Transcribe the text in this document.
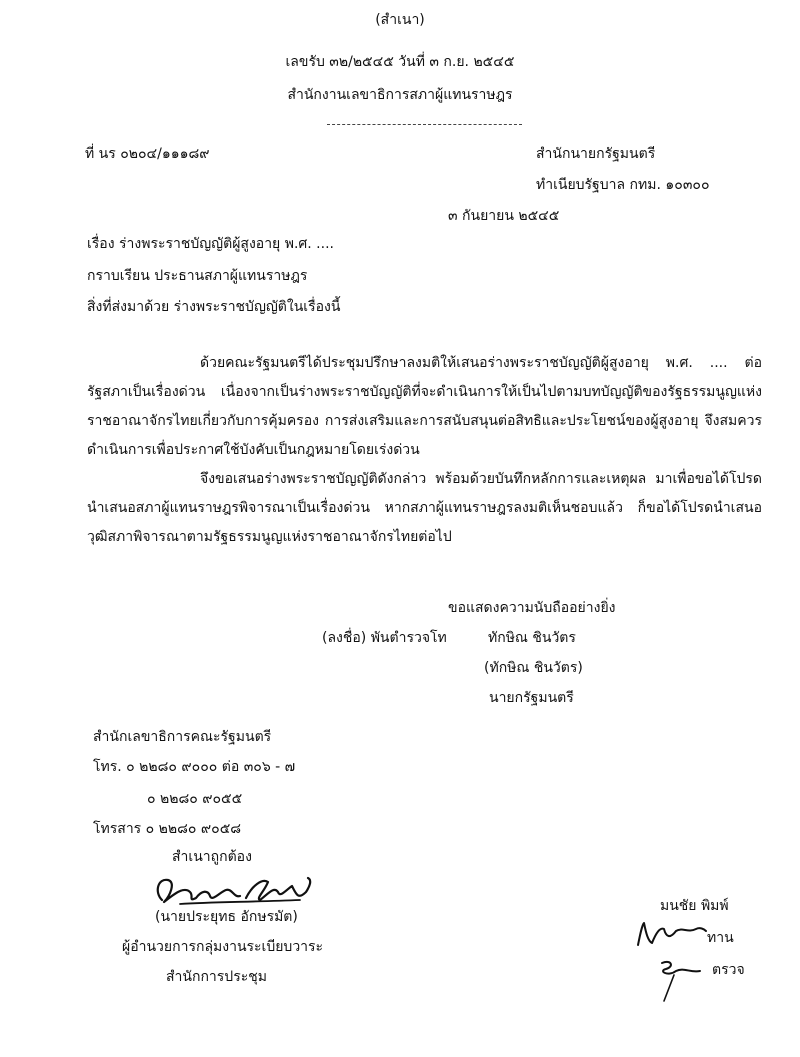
(สำเนา)
เลขรับ ๓๒/๒๕๔๕ วันที่ ๓ ก.ย. ๒๕๔๕
สำนักงานเลขาธิการสภาผู้แทนราษฎร
ที่ นร ๐๒๐๔/๑๑๑๘๙	สำนักนายกรัฐมนตรี
ทำเนียบรัฐบาล กทม. ๑๐๓๐๐
๓ กันยายน ๒๕๔๕
เรื่อง ร่างพระราชบัญญัติผู้สูงอายุ พ.ศ. ....
กราบเรียน ประธานสภาผู้แทนราษฎร
สิ่งที่ส่งมาด้วย ร่างพระราชบัญญัติในเรื่องนี้

ด้วยคณะรัฐมนตรีได้ประชุมปรึกษาลงมติให้เสนอร่างพระราชบัญญัติผู้สูงอายุ พ.ศ. .... ต่อรัฐสภาเป็นเรื่องด่วน เนื่องจากเป็นร่างพระราชบัญญัติที่จะดำเนินการให้เป็นไปตามบทบัญญัติของรัฐธรรมนูญแห่งราชอาณาจักรไทยเกี่ยวกับการคุ้มครอง การส่งเสริมและการสนับสนุนต่อสิทธิและประโยชน์ของผู้สูงอายุ จึงสมควรดำเนินการเพื่อประกาศใช้บังคับเป็นกฎหมายโดยเร่งด่วน

จึงขอเสนอร่างพระราชบัญญัติดังกล่าว พร้อมด้วยบันทึกหลักการและเหตุผล มาเพื่อขอได้โปรดนำเสนอสภาผู้แทนราษฎรพิจารณาเป็นเรื่องด่วน หากสภาผู้แทนราษฎรลงมติเห็นชอบแล้ว ก็ขอได้โปรดนำเสนอวุฒิสภาพิจารณาตามรัฐธรรมนูญแห่งราชอาณาจักรไทยต่อไป

ขอแสดงความนับถืออย่างยิ่ง
(ลงชื่อ) พันตำรวจโท	ทักษิณ ชินวัตร
(ทักษิณ ชินวัตร)
นายกรัฐมนตรี
สำนักเลขาธิการคณะรัฐมนตรี
โทร. ๐ ๒๒๘๐ ๙๐๐๐ ต่อ ๓๐๖ - ๗
๐ ๒๒๘๐ ๙๐๕๕
โทรสาร ๐ ๒๒๘๐ ๙๐๕๘
สำเนาถูกต้อง
(นายประยุทธ อักษรมัต)
ผู้อำนวยการกลุ่มงานระเบียบวาระ
สำนักการประชุม
มนชัย พิมพ์
ทาน
ตรวจ
